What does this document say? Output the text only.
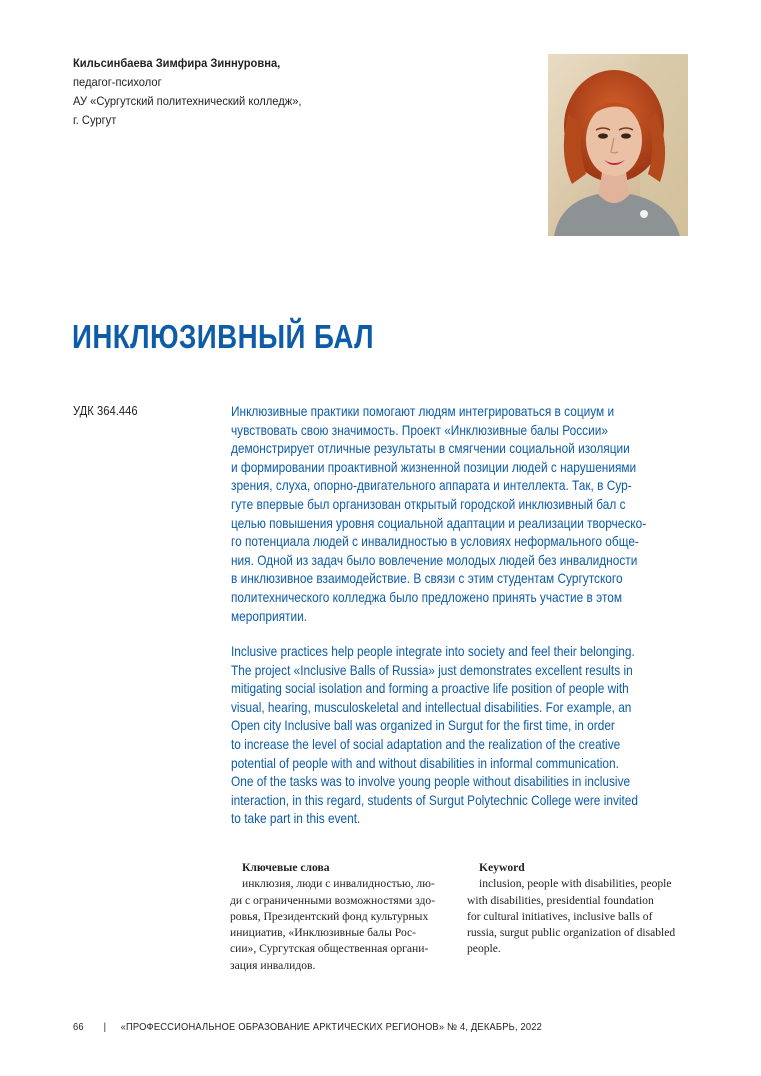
Кильсинбаева Зимфира Зиннуровна,
педагог-психолог
АУ «Сургутский политехнический колледж»,
г. Сургут
ИНКЛЮЗИВНЫЙ БАЛ
УДК 364.446	Инклюзивные практики помогают людям интегрироваться в социум и
чувствовать свою значимость. Проект «Инклюзивные балы России»
демонстрирует отличные результаты в смягчении социальной изоляции
и формировании проактивной жизненной позиции людей с нарушениями
зрения, слуха, опорно-двигательного аппарата и интеллекта. Так, в Сур-
гуте впервые был организован открытый городской инклюзивный бал с
целью повышения уровня социальной адаптации и реализации творческо-
го потенциала людей с инвалидностью в условиях неформального обще-
ния. Одной из задач было вовлечение молодых людей без инвалидности
в инклюзивное взаимодействие. В связи с этим студентам Сургутского
политехнического колледжа было предложено принять участие в этом
мероприятии.
Inclusive practices help people integrate into society and feel their belonging.
The project «Inclusive Balls of Russia» just demonstrates excellent results in
mitigating social isolation and forming a proactive life position of people with
visual, hearing, musculoskeletal and intellectual disabilities. For example, an
Open city Inclusive ball was organized in Surgut for the first time, in order
to increase the level of social adaptation and the realization of the creative
potential of people with and without disabilities in informal communication.
One of the tasks was to involve young people without disabilities in inclusive
interaction, in this regard, students of Surgut Polytechnic College were invited
to take part in this event.
Ключевые слова
инклюзия, люди с инвалидностью, лю-
ди с ограниченными возможностями здо-
ровья, Президентский фонд культурных
инициатив, «Инклюзивные балы Рос-
сии», Сургутская общественная органи-
зация инвалидов.
Keyword
inclusion, people with disabilities, people
with disabilities, presidential foundation
for cultural initiatives, inclusive balls of
russia, surgut public organization of disabled
people.
66 | «ПРОФЕССИОНАЛЬНОЕ ОБРАЗОВАНИЕ АРКТИЧЕСКИХ РЕГИОНОВ» № 4, ДЕКАБРЬ, 2022
